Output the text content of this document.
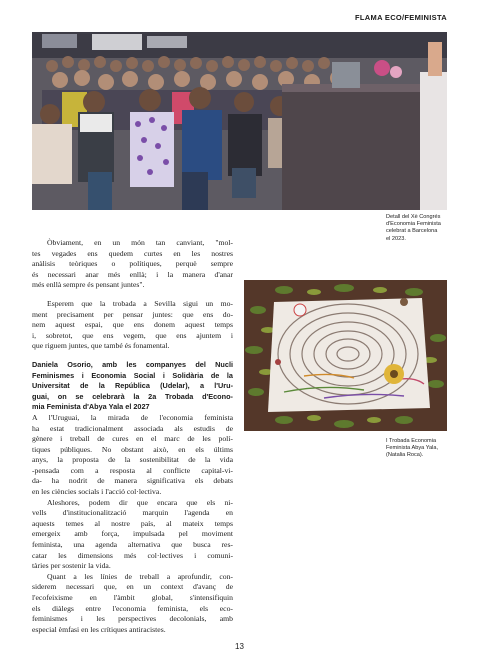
FLAMA ECO/FEMINISTA
Detall del Xè Congrés
d'Economia Feminista
celebrat a Barcelona
el 2023.
Òbviament, en un món tan canviant, "mol-
tes vegades ens quedem curtes en les nostres
anàlisis teòriques o polítiques, perquè sempre
és necessari anar més enllà; i la manera d'anar
més enllà sempre és pensant juntes".
Esperem que la trobada a Sevilla sigui un mo-
ment precisament per pensar juntes: que ens do-
nem aquest espai, que ens donem aquest temps
i, sobretot, que ens vegem, que ens ajuntem i
que riguem juntes, que també és fonamental.
Daniela Osorio, amb les companyes del Nucli
Feminismes i Economia Social i Solidària de la
Universitat de la República (Udelar), a l'Uru-
guai, on se celebrarà la 2a Trobada d'Econo-
mia Feminista d'Abya Yala el 2027
A l'Uruguai, la mirada de l'economia feminista
ha estat tradicionalment associada als estudis de
gènere i treball de cures en el marc de les polí-
tiques públiques. No obstant això, en els últims
anys, la proposta de la sostenibilitat de la vida
-pensada com a resposta al conflicte capital-vi-
da- ha nodrit de manera significativa els debats
en les ciències socials i l'acció col·lectiva.
Aleshores, podem dir que encara que els ni-
vells d'institucionalització marquin l'agenda en
aquests temes al nostre país, al mateix temps
emergeix amb força, impulsada pel moviment
feminista, una agenda alternativa que busca res-
catar les dimensions més col·lectives i comuni-
tàries per sostenir la vida.
Quant a les línies de treball a aprofundir, con-
siderem necessari que, en un context d'avanç de
l'ecofeixisme en l'àmbit global, s'intensifiquin
els diàlegs entre l'economia feminista, els eco-
feminismes i les perspectives decolonials, amb
especial èmfasi en les crítiques antiracistes.
I Trobada Economia
Feminista Abya Yala,
(Natalia Roca).
13
